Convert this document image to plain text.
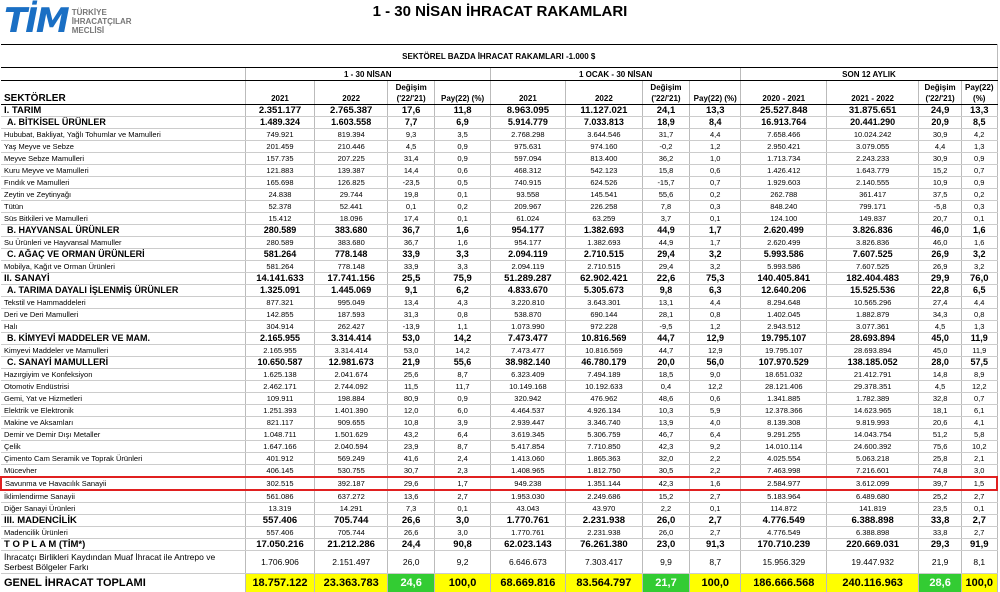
TİM TÜRKİYE
İHRACATÇILAR
MECLİSİ
1 - 30 NİSAN İHRACAT RAKAMLARI
SEKTÖREL BAZDA İHRACAT RAKAMLARI -1.000 $												
	1 - 30 NİSAN				1 OCAK - 30 NİSAN				SON 12 AYLIK			
SEKTÖRLER	2021	2022	Değişim ('22/'21)	Pay(22) (%)	2021	2022	Değişim ('22/'21)	Pay(22) (%)	2020 - 2021	2021 - 2022	Değişim ('22/'21)	Pay(22) (%)
I. TARIM	2.351.177	2.765.387	17,6	11,8	8.963.095	11.127.021	24,1	13,3	25.527.848	31.875.651	24,9	13,3
A. BİTKİSEL ÜRÜNLER	1.489.324	1.603.558	7,7	6,9	5.914.779	7.033.813	18,9	8,4	16.913.764	20.441.290	20,9	8,5
Hububat, Bakliyat, Yağlı Tohumlar ve Mamulleri	749.921	819.394	9,3	3,5	2.768.298	3.644.546	31,7	4,4	7.658.466	10.024.242	30,9	4,2
Yaş Meyve ve Sebze	201.459	210.446	4,5	0,9	975.631	974.160	-0,2	1,2	2.950.421	3.079.055	4,4	1,3
Meyve Sebze Mamulleri	157.735	207.225	31,4	0,9	597.094	813.400	36,2	1,0	1.713.734	2.243.233	30,9	0,9
Kuru Meyve ve Mamulleri	121.883	139.387	14,4	0,6	468.312	542.123	15,8	0,6	1.426.412	1.643.779	15,2	0,7
Fındık ve Mamulleri	165.698	126.825	-23,5	0,5	740.915	624.526	-15,7	0,7	1.929.603	2.140.555	10,9	0,9
Zeytin ve Zeytinyağı	24.838	29.744	19,8	0,1	93.558	145.541	55,6	0,2	262.788	361.417	37,5	0,2
Tütün	52.378	52.441	0,1	0,2	209.967	226.258	7,8	0,3	848.240	799.171	-5,8	0,3
Süs Bitkileri ve Mamulleri	15.412	18.096	17,4	0,1	61.024	63.259	3,7	0,1	124.100	149.837	20,7	0,1
B. HAYVANSAL ÜRÜNLER	280.589	383.680	36,7	1,6	954.177	1.382.693	44,9	1,7	2.620.499	3.826.836	46,0	1,6
Su Ürünleri ve Hayvansal Mamuller	280.589	383.680	36,7	1,6	954.177	1.382.693	44,9	1,7	2.620.499	3.826.836	46,0	1,6
C. AĞAÇ VE ORMAN ÜRÜNLERİ	581.264	778.148	33,9	3,3	2.094.119	2.710.515	29,4	3,2	5.993.586	7.607.525	26,9	3,2
Mobilya, Kağıt ve Orman Ürünleri	581.264	778.148	33,9	3,3	2.094.119	2.710.515	29,4	3,2	5.993.586	7.607.525	26,9	3,2
II. SANAYİ	14.141.633	17.741.156	25,5	75,9	51.289.287	62.902.421	22,6	75,3	140.405.841	182.404.483	29,9	76,0
A. TARIMA DAYALI İŞLENMİŞ ÜRÜNLER	1.325.091	1.445.069	9,1	6,2	4.833.670	5.305.673	9,8	6,3	12.640.206	15.525.536	22,8	6,5
Tekstil ve Hammaddeleri	877.321	995.049	13,4	4,3	3.220.810	3.643.301	13,1	4,4	8.294.648	10.565.296	27,4	4,4
Deri ve Deri Mamulleri	142.855	187.593	31,3	0,8	538.870	690.144	28,1	0,8	1.402.045	1.882.879	34,3	0,8
Halı	304.914	262.427	-13,9	1,1	1.073.990	972.228	-9,5	1,2	2.943.512	3.077.361	4,5	1,3
B. KİMYEVİ MADDELER VE MAM.	2.165.955	3.314.414	53,0	14,2	7.473.477	10.816.569	44,7	12,9	19.795.107	28.693.894	45,0	11,9
Kimyevi Maddeler ve Mamulleri	2.165.955	3.314.414	53,0	14,2	7.473.477	10.816.569	44,7	12,9	19.795.107	28.693.894	45,0	11,9
C. SANAYİ MAMULLERİ	10.650.587	12.981.673	21,9	55,6	38.982.140	46.780.179	20,0	56,0	107.970.529	138.185.052	28,0	57,5
Hazırgiyim ve Konfeksiyon	1.625.138	2.041.674	25,6	8,7	6.323.409	7.494.189	18,5	9,0	18.651.032	21.412.791	14,8	8,9
Otomotiv Endüstrisi	2.462.171	2.744.092	11,5	11,7	10.149.168	10.192.633	0,4	12,2	28.121.406	29.378.351	4,5	12,2
Gemi, Yat ve Hizmetleri	109.911	198.884	80,9	0,9	320.942	476.962	48,6	0,6	1.341.885	1.782.389	32,8	0,7
Elektrik ve Elektronik	1.251.393	1.401.390	12,0	6,0	4.464.537	4.926.134	10,3	5,9	12.378.366	14.623.965	18,1	6,1
Makine ve Aksamları	821.117	909.655	10,8	3,9	2.939.447	3.346.740	13,9	4,0	8.139.308	9.819.993	20,6	4,1
Demir ve Demir Dışı Metaller	1.048.711	1.501.629	43,2	6,4	3.619.345	5.306.759	46,7	6,4	9.291.255	14.043.754	51,2	5,8
Çelik	1.647.166	2.040.594	23,9	8,7	5.417.854	7.710.850	42,3	9,2	14.010.114	24.600.392	75,6	10,2
Çimento Cam Seramik ve Toprak Ürünleri	401.912	569.249	41,6	2,4	1.413.060	1.865.363	32,0	2,2	4.025.554	5.063.218	25,8	2,1
Mücevher	406.145	530.755	30,7	2,3	1.408.965	1.812.750	30,5	2,2	7.463.998	7.216.601	74,8	3,0
Savunma ve Havacılık Sanayii	302.515	392.187	29,6	1,7	949.238	1.351.144	42,3	1,6	2.584.977	3.612.099	39,7	1,5
İklimlendirme Sanayii	561.086	637.272	13,6	2,7	1.953.030	2.249.686	15,2	2,7	5.183.964	6.489.680	25,2	2,7
Diğer Sanayi Ürünleri	13.319	14.291	7,3	0,1	43.043	43.970	2,2	0,1	114.872	141.819	23,5	0,1
III. MADENCİLİK	557.406	705.744	26,6	3,0	1.770.761	2.231.938	26,0	2,7	4.776.549	6.388.898	33,8	2,7
Madencilik Ürünleri	557.406	705.744	26,6	3,0	1.770.761	2.231.938	26,0	2,7	4.776.549	6.388.898	33,8	2,7
T O P L A M (TİM*)	17.050.216	21.212.286	24,4	90,8	62.023.143	76.261.380	23,0	91,3	170.710.239	220.669.031	29,3	91,9
İhracatçı Birlikleri Kaydından Muaf İhracat ile Antrepo ve Serbest Bölgeler Farkı	1.706.906	2.151.497	26,0	9,2	6.646.673	7.303.417	9,9	8,7	15.956.329	19.447.932	21,9	8,1
GENEL İHRACAT TOPLAMI	18.757.122	23.363.783	24,6	100,0	68.669.816	83.564.797	21,7	100,0	186.666.568	240.116.963	28,6	100,0
